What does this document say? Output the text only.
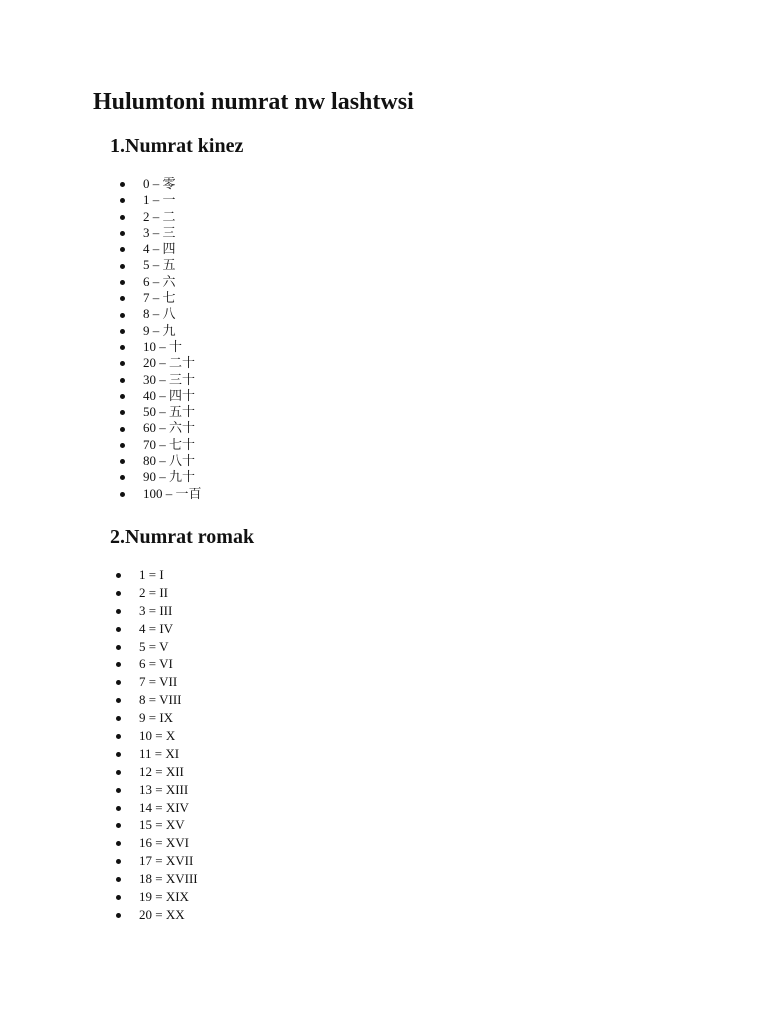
Hulumtoni numrat nw lashtwsi
1.Numrat kinez
0 – 零
1 – 一
2 – 二
3 – 三
4 – 四
5 – 五
6 – 六
7 – 七
8 – 八
9 – 九
10 – 十
20 – 二十
30 – 三十
40 – 四十
50 – 五十
60 – 六十
70 – 七十
80 – 八十
90 – 九十
100 – 一百
2.Numrat romak
1 = I
2 = II
3 = III
4 = IV
5 = V
6 = VI
7 = VII
8 = VIII
9 = IX
10 = X
11 = XI
12 = XII
13 = XIII
14 = XIV
15 = XV
16 = XVI
17 = XVII
18 = XVIII
19 = XIX
20 = XX
